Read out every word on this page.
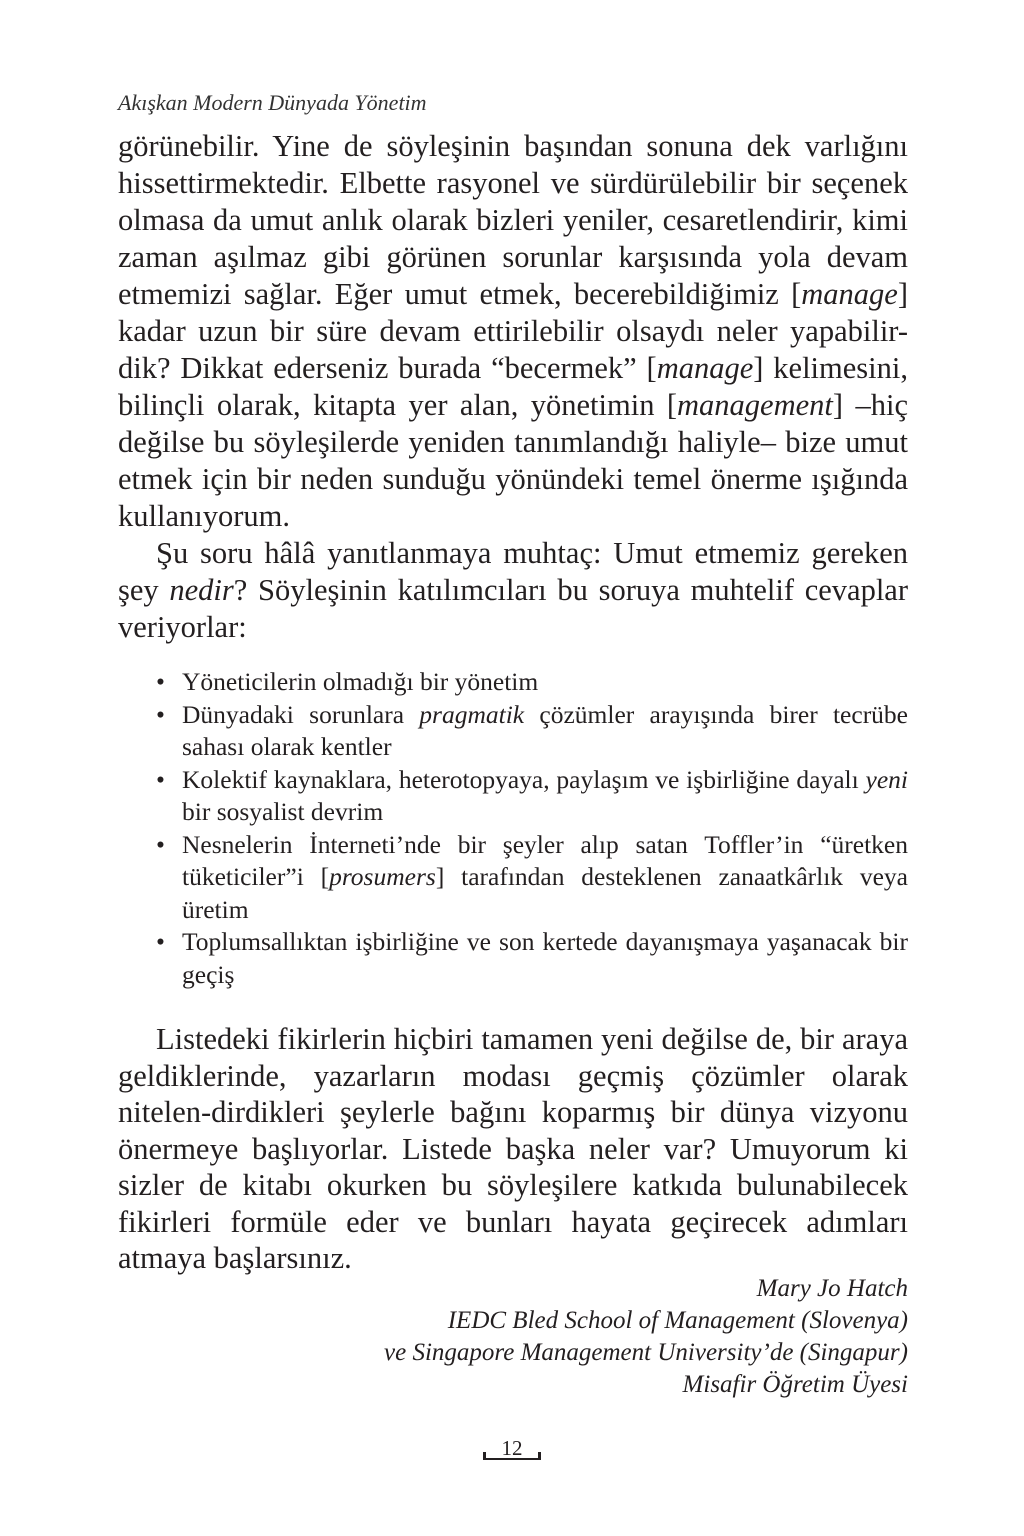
Akışkan Modern Dünyada Yönetim

görünebilir. Yine de söyleşinin başından sonuna dek varlığını hissettirmektedir. Elbette rasyonel ve sürdürülebilir bir seçenek olmasa da umut anlık olarak bizleri yeniler, cesaretlendirir, kimi zaman aşılmaz gibi görünen sorunlar karşısında yola devam etmemizi sağlar. Eğer umut etmek, becerebildiğimiz [manage] kadar uzun bir süre devam ettirilebilir olsaydı neler yapabilir-dik? Dikkat ederseniz burada “becermek” [manage] kelimesini, bilinçli olarak, kitapta yer alan, yönetimin [management] –hiç değilse bu söyleşilerde yeniden tanımlandığı haliyle– bize umut etmek için bir neden sunduğu yönündeki temel önerme ışığında kullanıyorum.

Şu soru hâlâ yanıtlanmaya muhtaç: Umut etmemiz gereken şey nedir? Söyleşinin katılımcıları bu soruya muhtelif cevaplar veriyorlar:

• Yöneticilerin olmadığı bir yönetim
• Dünyadaki sorunlara pragmatik çözümler arayışında birer tecrübe sahası olarak kentler
• Kolektif kaynaklara, heterotopyaya, paylaşım ve işbirliğine dayalı yeni bir sosyalist devrim
• Nesnelerin İnterneti’nde bir şeyler alıp satan Toffler’in “üretken tüketiciler”i [prosumers] tarafından desteklenen zanaatkârlık veya üretim
• Toplumsallıktan işbirliğine ve son kertede dayanışmaya yaşanacak bir geçiş

Listedeki fikirlerin hiçbiri tamamen yeni değilse de, bir araya geldiklerinde, yazarların modası geçmiş çözümler olarak nitelen-dirdikleri şeylerle bağını koparmış bir dünya vizyonu önermeye başlıyorlar. Listede başka neler var? Umuyorum ki sizler de kitabı okurken bu söyleşilere katkıda bulunabilecek fikirleri formüle eder ve bunları hayata geçirecek adımları atmaya başlarsınız.

Mary Jo Hatch
IEDC Bled School of Management (Slovenya)
ve Singapore Management University’de (Singapur)
Misafir Öğretim Üyesi
12
